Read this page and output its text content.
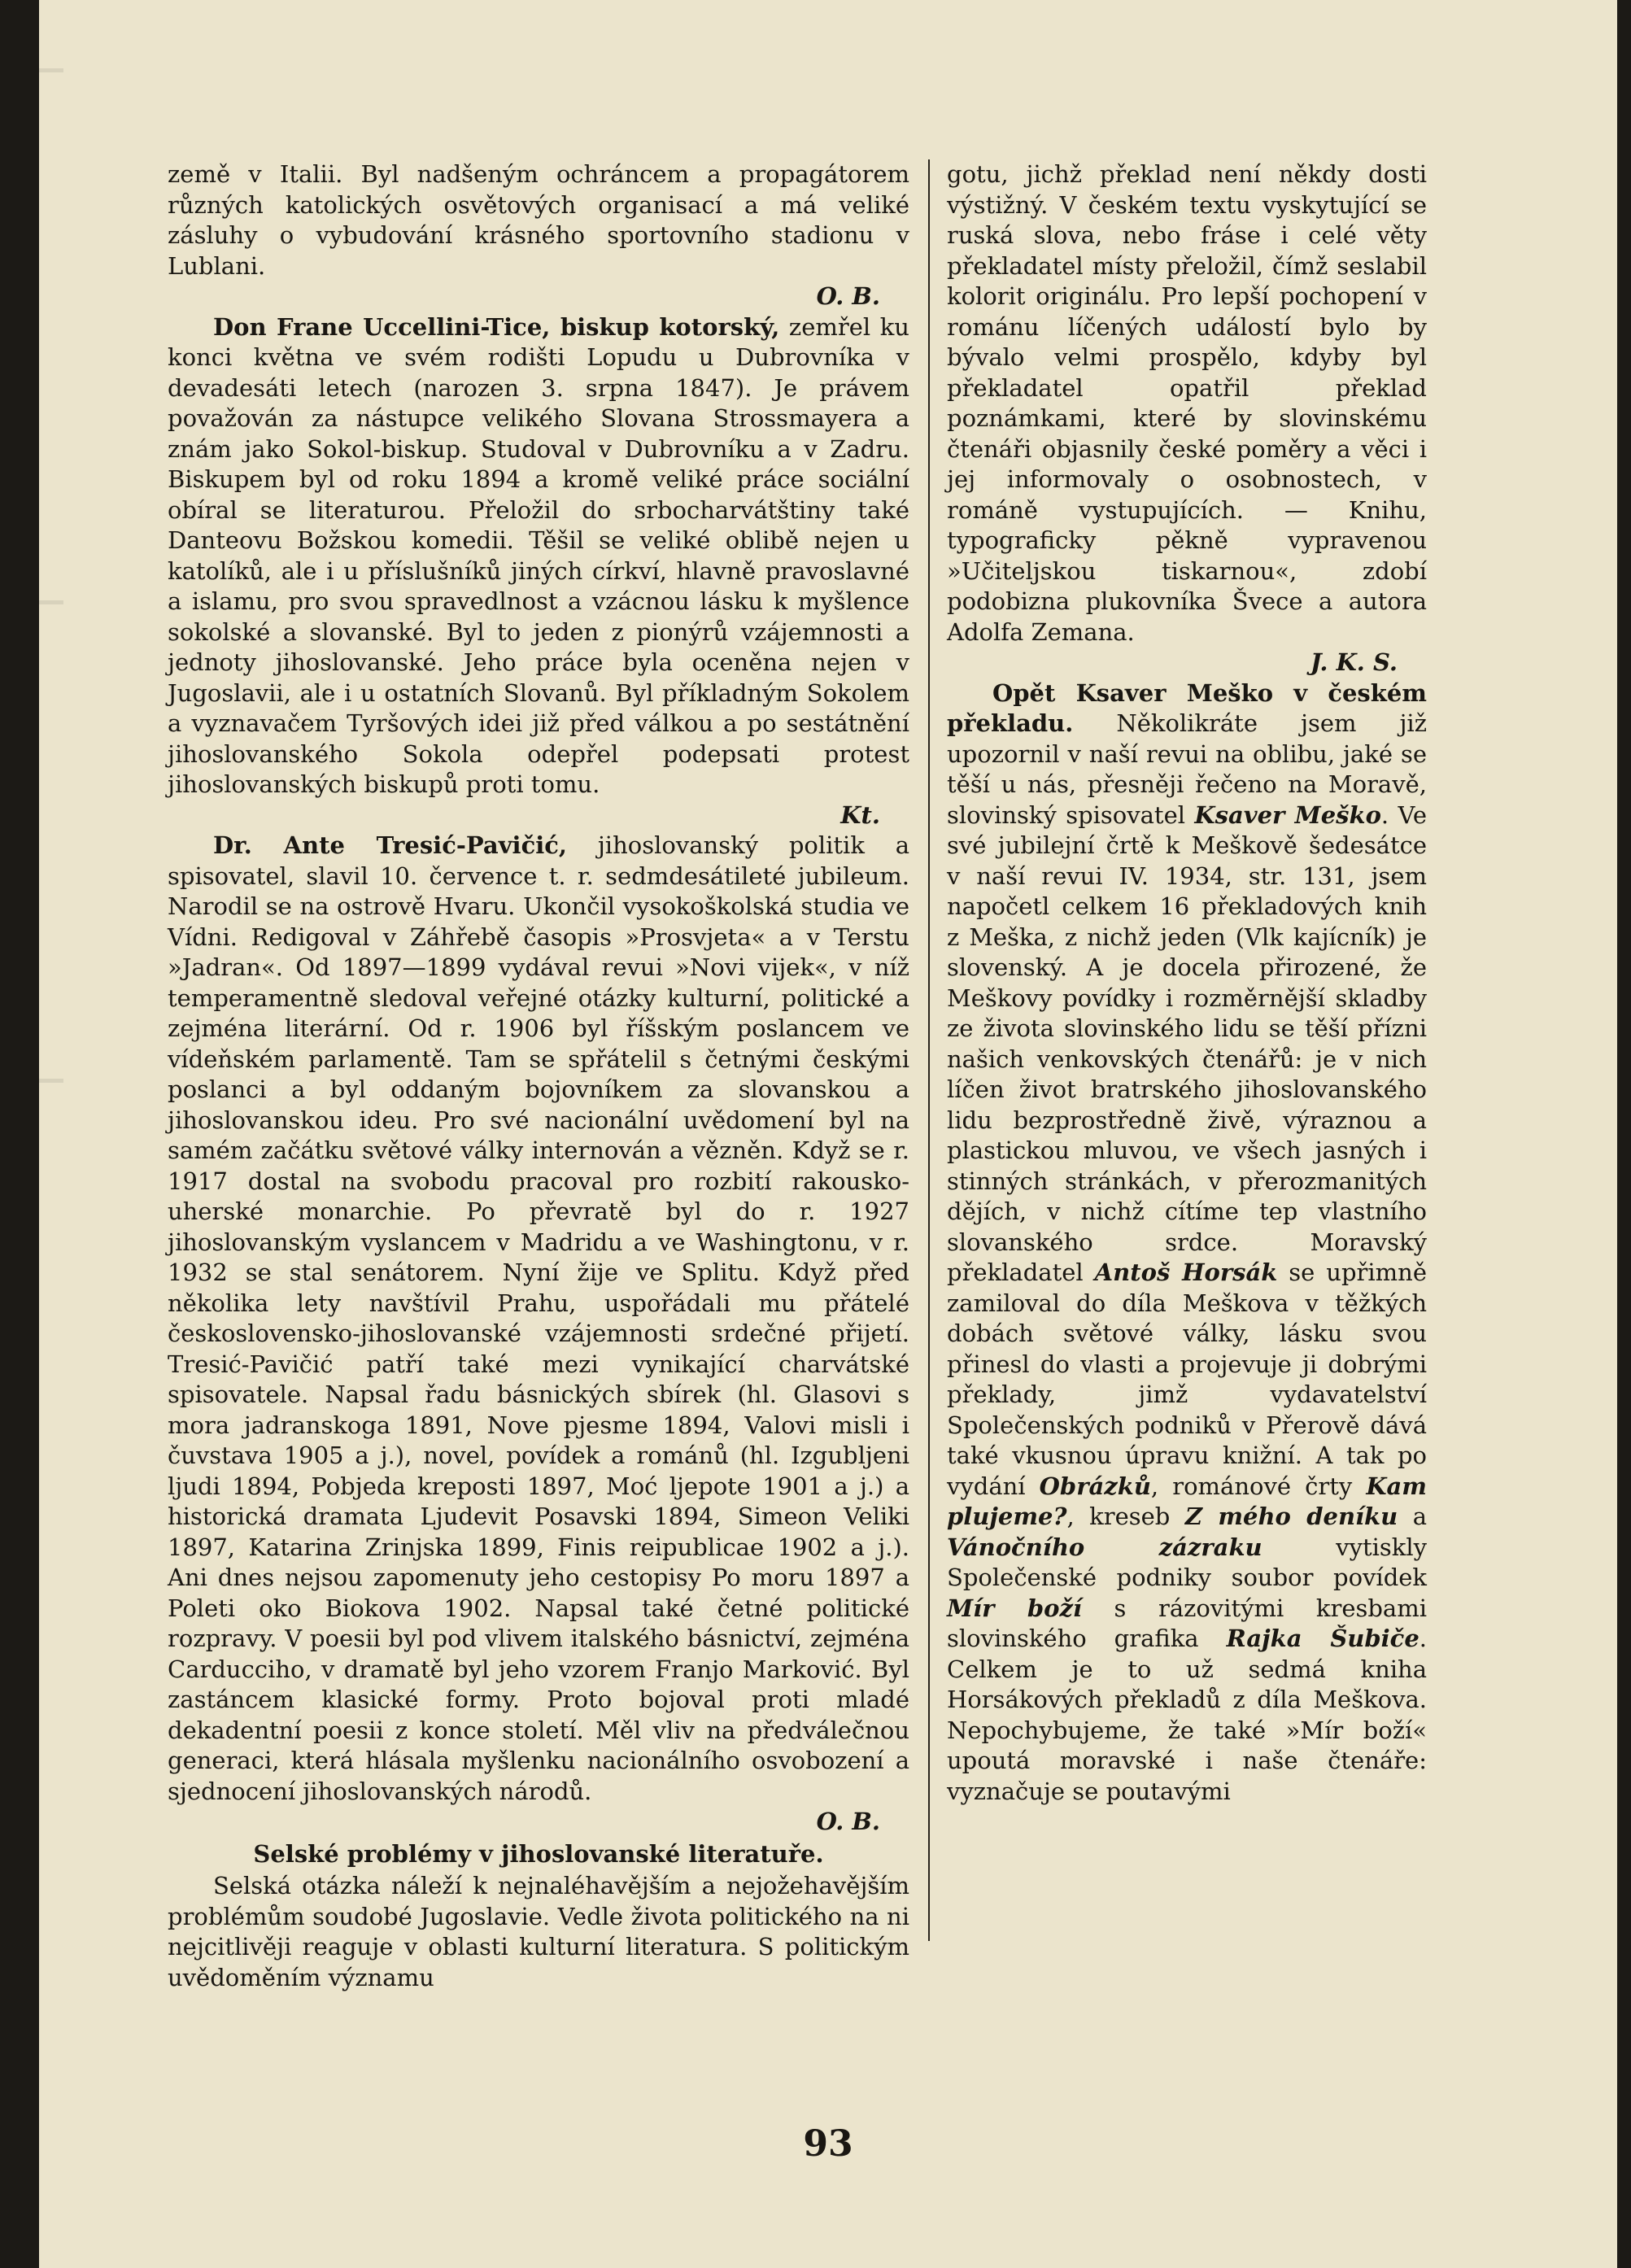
země v Italii. Byl nadšeným ochráncem a propagátorem různých katolických osvětových organisací a má veliké zásluhy o vybudování krásného sportovního stadionu v Lublani.

O. B.

Don Frane Uccellini-Tice, biskup kotorský, zemřel ku konci května ve svém rodišti Lopudu u Dubrovníka v devadesáti letech (narozen 3. srpna 1847). Je právem považován za nástupce velikého Slovana Strossmayera a znám jako Sokol-biskup. Studoval v Dubrovníku a v Zadru. Biskupem byl od roku 1894 a kromě veliké práce sociální obíral se literaturou. Přeložil do srbocharvátštiny také Danteovu Božskou komedii. Těšil se veliké oblibě nejen u katolíků, ale i u příslušníků jiných církví, hlavně pravoslavné a islamu, pro svou spravedlnost a vzácnou lásku k myšlence sokolské a slovanské. Byl to jeden z pionýrů vzájemnosti a jednoty jihoslovanské. Jeho práce byla oceněna nejen v Jugoslavii, ale i u ostatních Slovanů. Byl příkladným Sokolem a vyznavačem Tyršových idei již před válkou a po sestátnění jihoslovanského Sokola odepřel podepsati protest jihoslovanských biskupů proti tomu.

Kt.

Dr. Ante Tresić-Pavičić, jihoslovanský politik a spisovatel, slavil 10. července t. r. sedmdesátileté jubileum. Narodil se na ostrově Hvaru. Ukončil vysokoškolská studia ve Vídni. Redigoval v Záhřebě časopis »Prosvjeta« a v Terstu »Jadran«. Od 1897—1899 vydával revui »Novi vijek«, v níž temperamentně sledoval veřejné otázky kulturní, politické a zejména literární. Od r. 1906 byl říšským poslancem ve vídeňském parlamentě. Tam se spřátelil s četnými českými poslanci a byl oddaným bojovníkem za slovanskou a jihoslovanskou ideu. Pro své nacionální uvědomení byl na samém začátku světové války internován a vězněn. Když se r. 1917 dostal na svobodu pracoval pro rozbití rakousko-uherské monarchie. Po převratě byl do r. 1927 jihoslovanským vyslancem v Madridu a ve Washingtonu, v r. 1932 se stal senátorem. Nyní žije ve Splitu. Když před několika lety navštívil Prahu, uspořádali mu přátelé československo-jihoslovanské vzájemnosti srdečné přijetí. Tresić-Pavičić patří také mezi vynikající charvátské spisovatele. Napsal řadu básnických sbírek (hl. Glasovi s mora jadranskoga 1891, Nove pjesme 1894, Valovi misli i čuvstava 1905 a j.), novel, povídek a románů (hl. Izgubljeni ljudi 1894, Pobjeda kreposti 1897, Moć ljepote 1901 a j.) a historická dramata Ljudevit Posavski 1894, Simeon Veliki 1897, Katarina Zrinjska 1899, Finis reipublicae 1902 a j.). Ani dnes nejsou zapomenuty jeho cestopisy Po moru 1897 a Poleti oko Biokova 1902. Napsal také četné politické rozpravy. V poesii byl pod vlivem italského básnictví, zejména Carducciho, v dramatě byl jeho vzorem Franjo Marković. Byl zastáncem klasické formy. Proto bojoval proti mladé dekadentní poesii z konce století. Měl vliv na předválečnou generaci, která hlásala myšlenku nacionálního osvobození a sjednocení jihoslovanských národů.

O. B.

Selské problémy v jihoslovanské literatuře.

Selská otázka náleží k nejnaléhavějším a nejožehavějším problémům soudobé Jugoslavie. Vedle života politického na ni nejcitlivěji reaguje v oblasti kulturní literatura. S politickým uvědoměním významu

gotu, jichž překlad není někdy dosti výstižný. V českém textu vyskytující se ruská slova, nebo fráse i celé věty překladatel místy přeložil, čímž seslabil kolorit originálu. Pro lepší pochopení v románu líčených událostí bylo by bývalo velmi prospělo, kdyby byl překladatel opatřil překlad poznámkami, které by slovinskému čtenáři objasnily české poměry a věci i jej informovaly o osobnostech, v románě vystupujících. — Knihu, typograficky pěkně vypravenou »Učiteljskou tiskarnou«, zdobí podobizna plukovníka Švece a autora Adolfa Zemana.

J. K. S.

Opět Ksaver Meško v českém překladu. Několikráte jsem již upozornil v naší revui na oblibu, jaké se těší u nás, přesněji řečeno na Moravě, slovinský spisovatel Ksaver Meško. Ve své jubilejní črtě k Meškově šedesátce v naší revui IV. 1934, str. 131, jsem napočetl celkem 16 překladových knih z Meška, z nichž jeden (Vlk kajícník) je slovenský. A je docela přirozené, že Meškovy povídky i rozměrnější skladby ze života slovinského lidu se těší přízni našich venkovských čtenářů: je v nich líčen život bratrského jihoslovanského lidu bezprostředně živě, výraznou a plastickou mluvou, ve všech jasných i stinných stránkách, v přerozmanitých dějích, v nichž cítíme tep vlastního slovanského srdce. Moravský překladatel Antoš Horsák se upřimně zamiloval do díla Meškova v těžkých dobách světové války, lásku svou přinesl do vlasti a projevuje ji dobrými překlady, jimž vydavatelství Společenských podniků v Přerově dává také vkusnou úpravu knižní. A tak po vydání Obrázků, románové črty Kam plujeme?, kreseb Z mého deníku a Vánočního zázraku vytiskly Společenské podniky soubor povídek Mír boží s rázovitými kresbami slovinského grafika Rajka Šubiče. Celkem je to už sedmá kniha Horsákových překladů z díla Meškova. Nepochybujeme, že také »Mír boží« upoutá moravské i naše čtenáře: vyznačuje se poutavými

93
